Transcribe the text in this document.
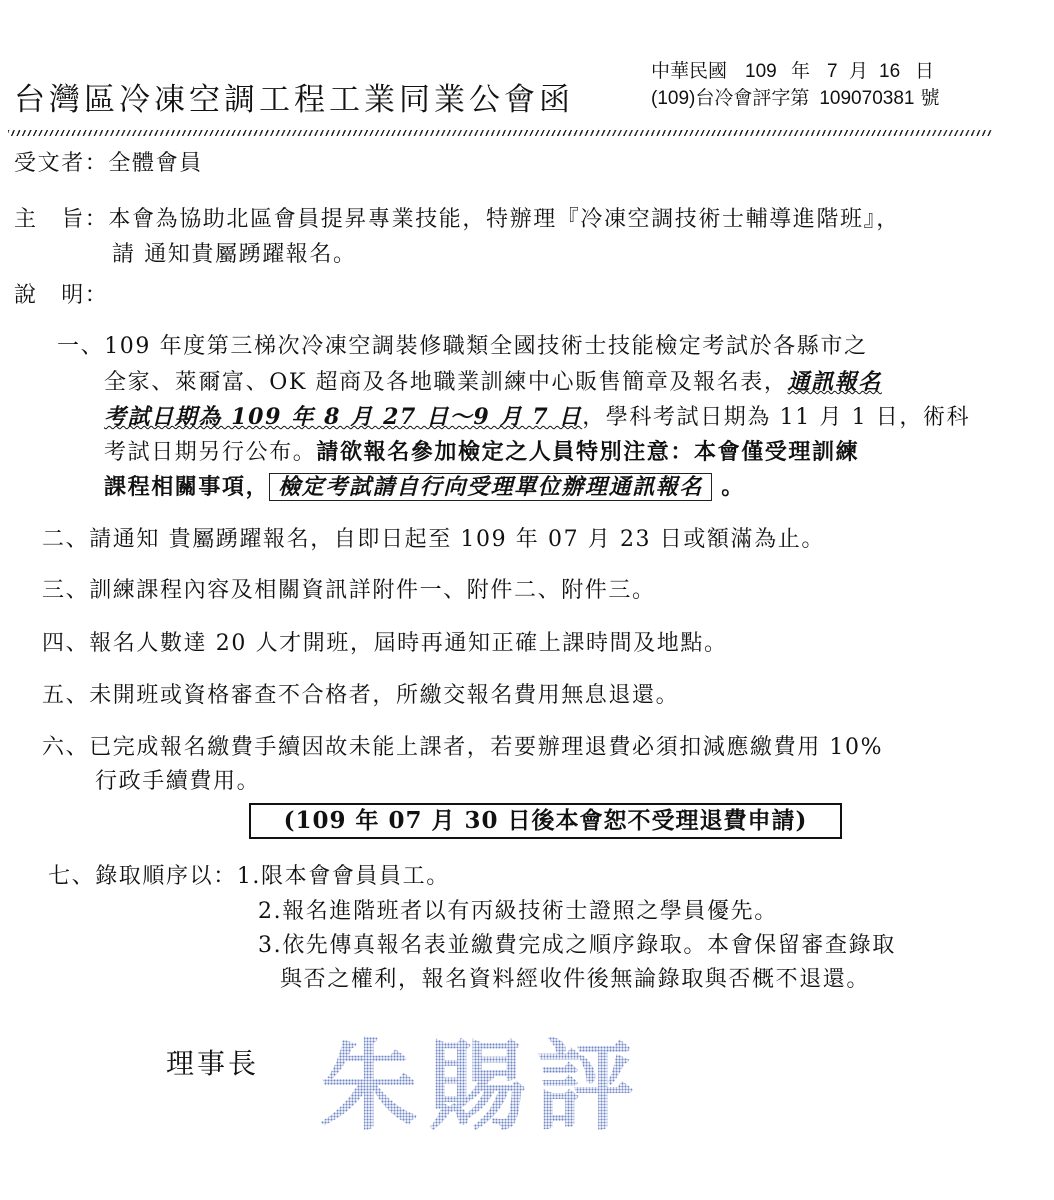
台灣區冷凍空調工程工業同業公會函
中華民國 109 年 7 月 16 日
(109)台冷會評字第 109070381 號
受文者：全體會員
主　旨：本會為協助北區會員提昇專業技能，特辦理『冷凍空調技術士輔導進階班』，
請 通知貴屬踴躍報名。
說　明：
一、109 年度第三梯次冷凍空調裝修職類全國技術士技能檢定考試於各縣市之
全家、萊爾富、OK 超商及各地職業訓練中心販售簡章及報名表，通訊報名
考試日期為 109 年 8 月 27 日～9 月 7 日，學科考試日期為 11 月 1 日，術科
考試日期另行公布。請欲報名參加檢定之人員特別注意：本會僅受理訓練
課程相關事項， 檢定考試請自行向受理單位辦理通訊報名 。
二、請通知 貴屬踴躍報名，自即日起至 109 年 07 月 23 日或額滿為止。
三、訓練課程內容及相關資訊詳附件一、附件二、附件三。
四、報名人數達 20 人才開班，屆時再通知正確上課時間及地點。
五、未開班或資格審查不合格者，所繳交報名費用無息退還。
六、已完成報名繳費手續因故未能上課者，若要辦理退費必須扣減應繳費用 10%
行政手續費用。
(109 年 07 月 30 日後本會恕不受理退費申請)
七、錄取順序以：1.限本會會員員工。
2.報名進階班者以有丙級技術士證照之學員優先。
3.依先傳真報名表並繳費完成之順序錄取。本會保留審查錄取
與否之權利，報名資料經收件後無論錄取與否概不退還。
理事長 朱賜評
